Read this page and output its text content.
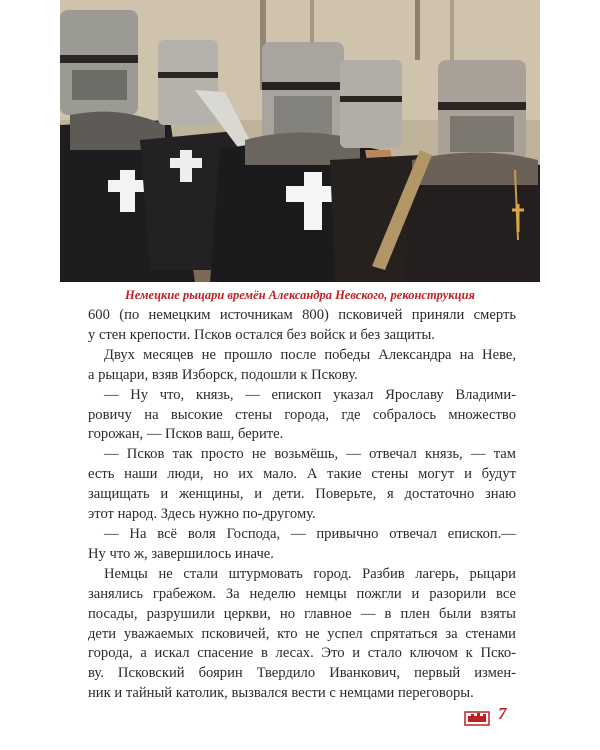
Немецкие рыцари времён Александра Невского, реконструкция

600 (по немецким источникам 800) псковичей приняли смерть
у стен крепости. Псков остался без войск и без защиты.

Двух месяцев не прошло после победы Александра на Неве,
а рыцари, взяв Изборск, подошли к Пскову.

— Ну что, князь, — епископ указал Ярославу Владими-
ровичу на высокие стены города, где собралось множество
горожан, — Псков ваш, берите.

— Псков так просто не возьмёшь, — отвечал князь, — там
есть наши люди, но их мало. А такие стены могут и будут
защищать и женщины, и дети. Поверьте, я достаточно знаю
этот народ. Здесь нужно по-другому.

— На всё воля Господа, — привычно отвечал епископ.—
Ну что ж, завершилось иначе.

Немцы не стали штурмовать город. Разбив лагерь, рыцари
занялись грабежом. За неделю немцы пожгли и разорили все
посады, разрушили церкви, но главное — в плен были взяты
дети уважаемых псковичей, кто не успел спрятаться за стенами
города, а искал спасение в лесах. Это и стало ключом к Пско-
ву. Псковский боярин Твердило Иванкович, первый измен-
ник и тайный католик, вызвался вести с немцами переговоры.

7
